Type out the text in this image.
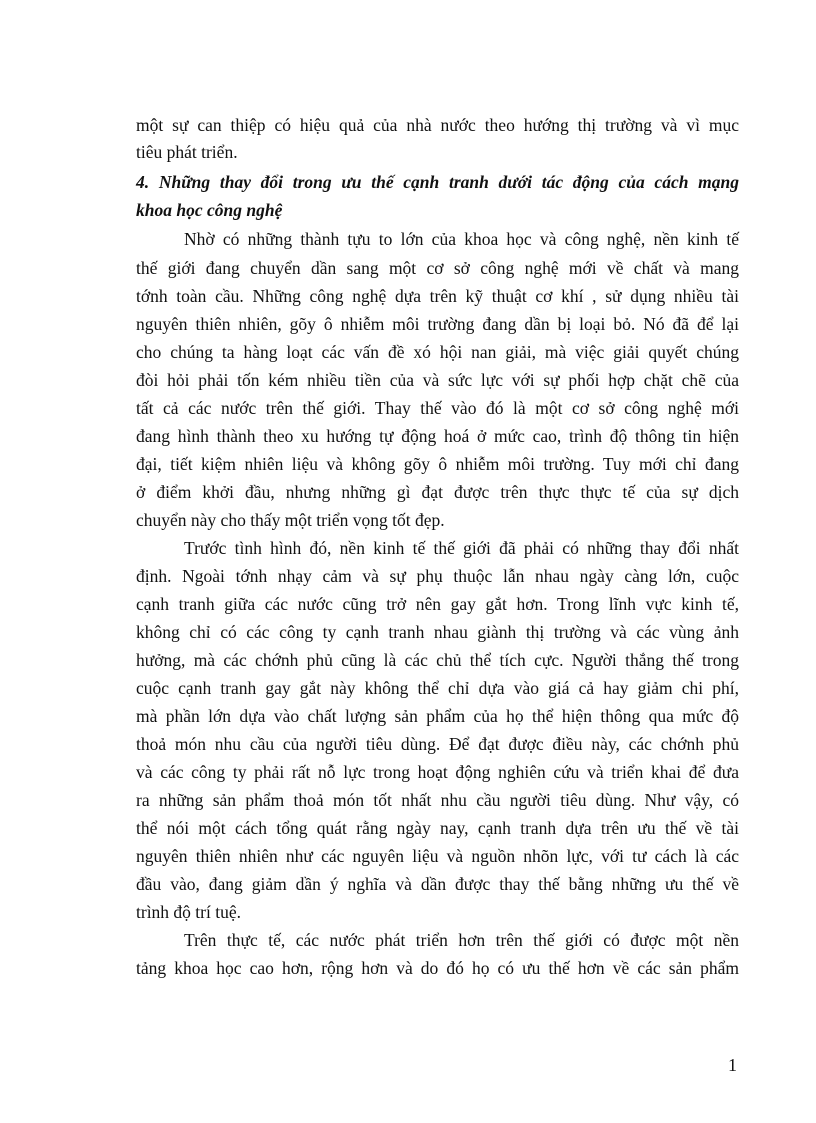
một sự can thiệp có hiệu quả của nhà nước theo hướng thị trường và vì mục
tiêu phát triển.
4. Những thay đổi trong ưu thế cạnh tranh dưới tác động của cách mạng
khoa học công nghệ
Nhờ có những thành tựu to lớn của khoa học và công nghệ, nền kinh tế
thế giới đang chuyển dần sang một cơ sở công nghệ mới về chất và mang
tớnh toàn cầu. Những công nghệ dựa trên kỹ thuật cơ khí , sử dụng nhiều tài
nguyên thiên nhiên, gõy ô nhiễm môi trường đang dần bị loại bỏ. Nó đã để lại
cho chúng ta hàng loạt các vấn đề xó hội nan giải, mà việc giải quyết chúng
đòi hỏi phải tốn kém nhiều tiền của và sức lực với sự phối hợp chặt chẽ của
tất cả các nước trên thế giới. Thay thế vào đó là một cơ sở công nghệ mới
đang hình thành theo xu hướng tự động hoá ở mức cao, trình độ thông tin hiện
đại, tiết kiệm nhiên liệu và không gõy ô nhiễm môi trường. Tuy mới chỉ đang
ở điểm khởi đầu, nhưng những gì đạt được trên thực thực tế của sự dịch
chuyển này cho thấy một triển vọng tốt đẹp.
Trước tình hình đó, nền kinh tế thế giới đã phải có những thay đổi nhất
định. Ngoài tớnh nhạy cảm và sự phụ thuộc lẫn nhau ngày càng lớn, cuộc
cạnh tranh giữa các nước cũng trở nên gay gắt hơn. Trong lĩnh vực kinh tế,
không chỉ có các công ty cạnh tranh nhau giành thị trường và các vùng ảnh
hưởng, mà các chớnh phủ cũng là các chủ thể tích cực. Người thắng thế trong
cuộc cạnh tranh gay gắt này không thể chỉ dựa vào giá cả hay giảm chi phí,
mà phần lớn dựa vào chất lượng sản phẩm của họ thể hiện thông qua mức độ
thoả món nhu cầu của người tiêu dùng. Để đạt được điều này, các chớnh phủ
và các công ty phải rất nỗ lực trong hoạt động nghiên cứu và triển khai để đưa
ra những sản phẩm thoả món tốt nhất nhu cầu người tiêu dùng. Như vậy, có
thể nói một cách tổng quát rằng ngày nay, cạnh tranh dựa trên ưu thế về tài
nguyên thiên nhiên như các nguyên liệu và nguồn nhõn lực, với tư cách là các
đầu vào, đang giảm dần ý nghĩa và dần được thay thế bằng những ưu thế về
trình độ trí tuệ.
Trên thực tế, các nước phát triển hơn trên thế giới có được một nền
tảng khoa học cao hơn, rộng hơn và do đó họ có ưu thế hơn về các sản phẩm
1
